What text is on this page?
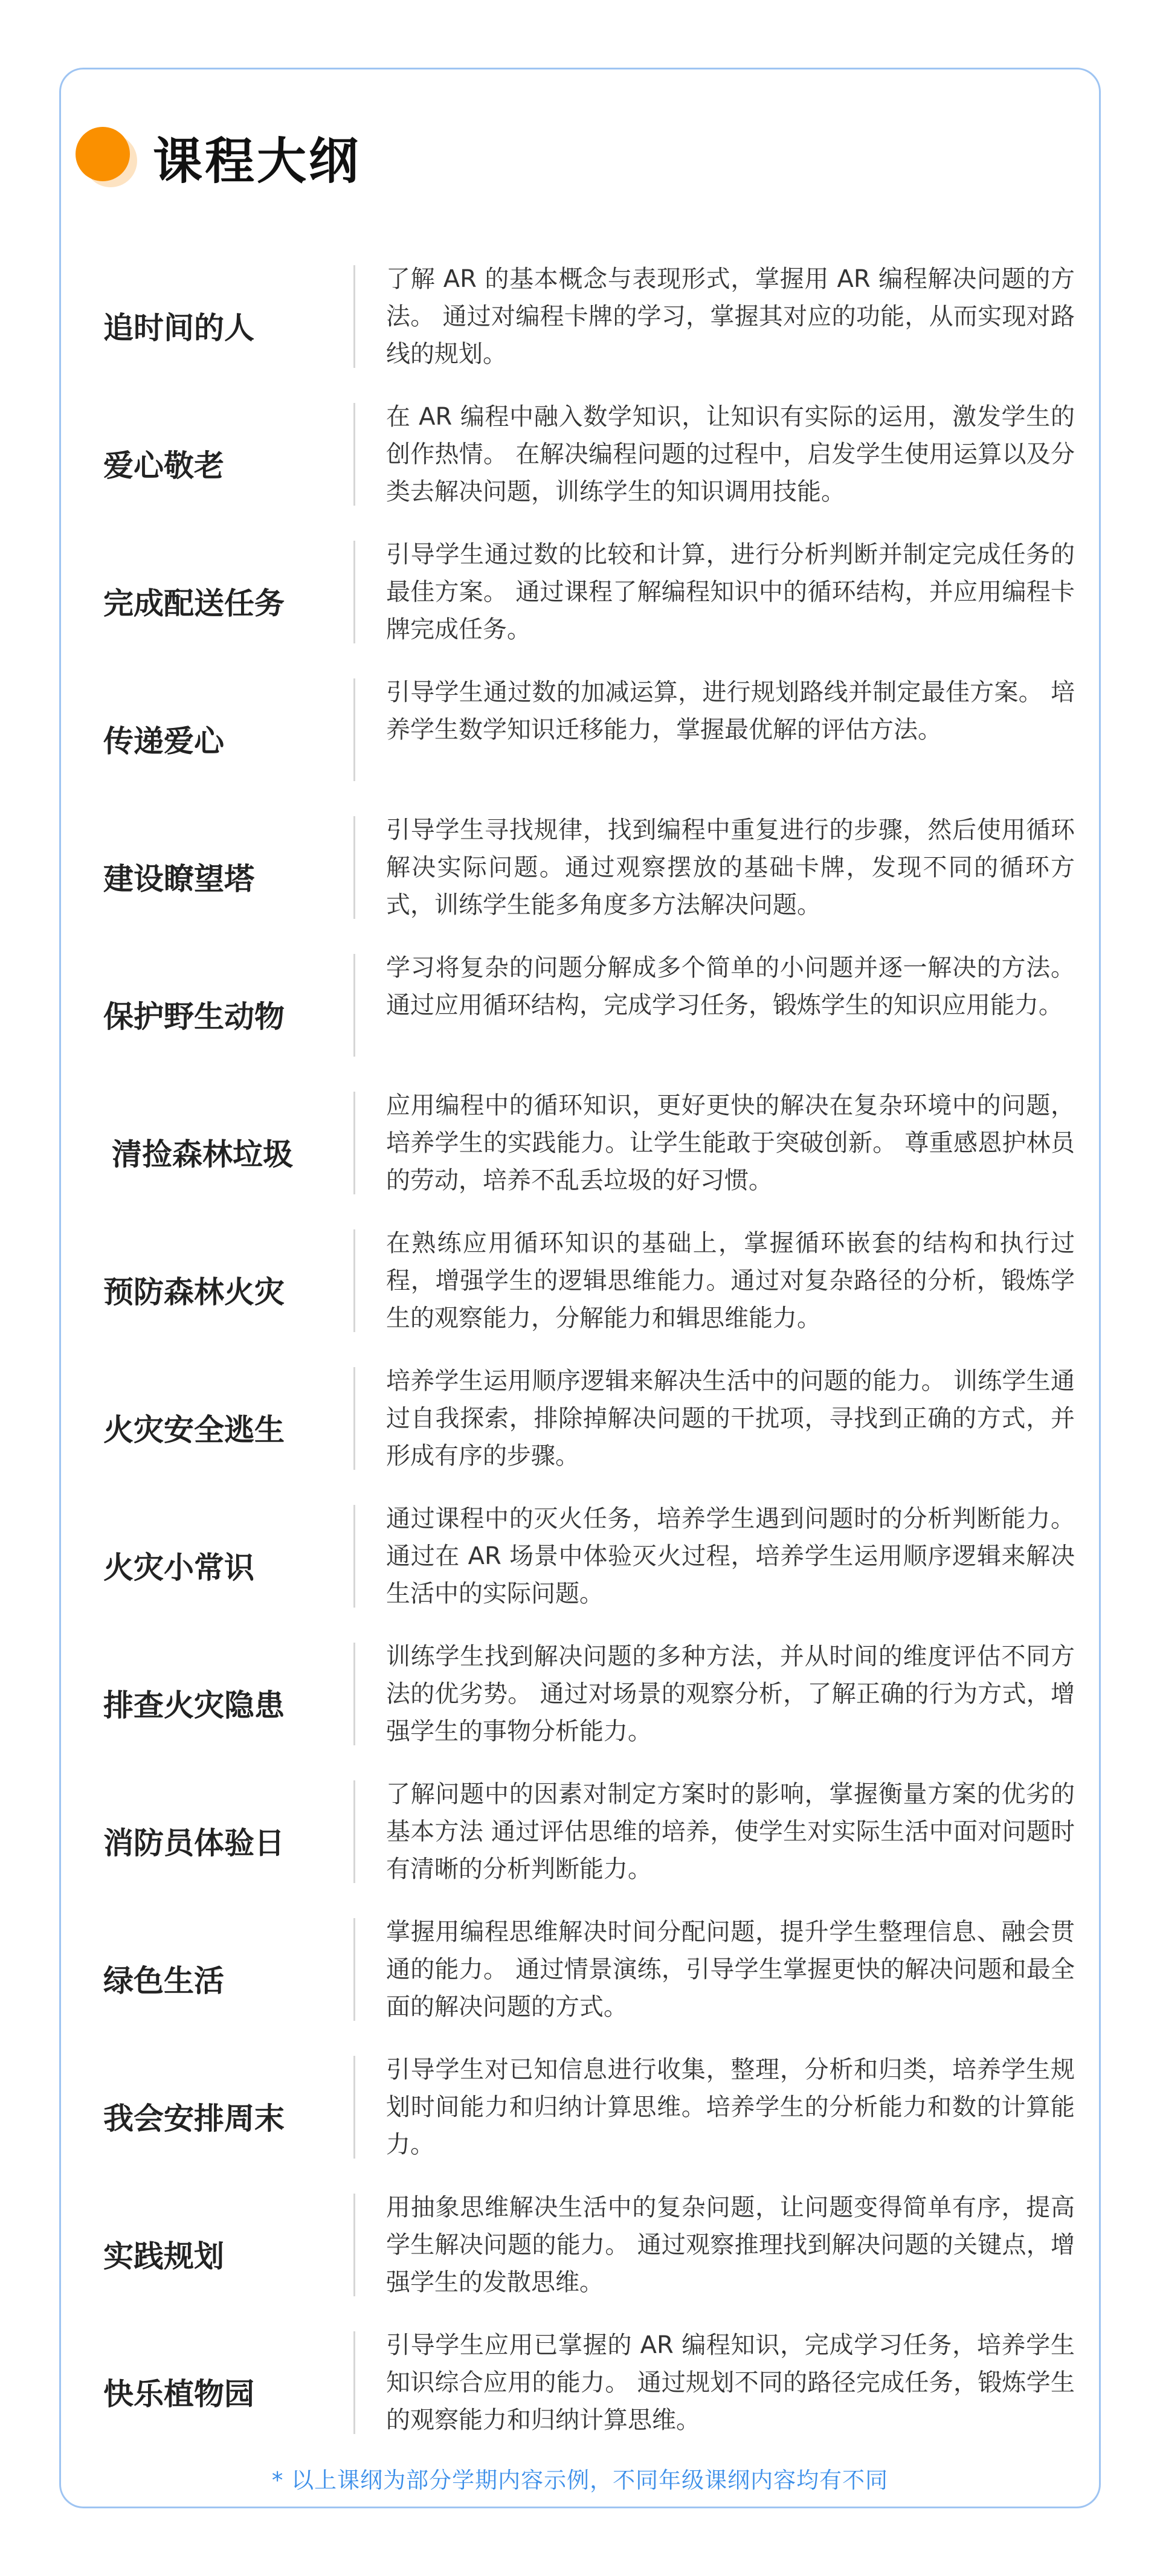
课程大纲
追时间的人
了解 AR 的基本概念与表现形式，掌握用 AR 编程解决问题的方法。 通过对编程卡牌的学习，掌握其对应的功能，从而实现对路线的规划。
爱心敬老
在 AR 编程中融入数学知识，让知识有实际的运用，激发学生的创作热情。 在解决编程问题的过程中，启发学生使用运算以及分类去解决问题，训练学生的知识调用技能。
完成配送任务
引导学生通过数的比较和计算，进行分析判断并制定完成任务的最佳方案。 通过课程了解编程知识中的循环结构，并应用编程卡牌完成任务。
传递爱心
引导学生通过数的加减运算，进行规划路线并制定最佳方案。 培养学生数学知识迁移能力，掌握最优解的评估方法。
建设瞭望塔
引导学生寻找规律，找到编程中重复进行的步骤，然后使用循环解决实际问题。通过观察摆放的基础卡牌，发现不同的循环方式，训练学生能多角度多方法解决问题。
保护野生动物
学习将复杂的问题分解成多个简单的小问题并逐一解决的方法。 通过应用循环结构，完成学习任务，锻炼学生的知识应用能力。
清捡森林垃圾
应用编程中的循环知识，更好更快的解决在复杂环境中的问题，培养学生的实践能力。让学生能敢于突破创新。 尊重感恩护林员的劳动，培养不乱丢垃圾的好习惯。
预防森林火灾
在熟练应用循环知识的基础上，掌握循环嵌套的结构和执行过程，增强学生的逻辑思维能力。通过对复杂路径的分析，锻炼学生的观察能力，分解能力和辑思维能力。
火灾安全逃生
培养学生运用顺序逻辑来解决生活中的问题的能力。 训练学生通过自我探索，排除掉解决问题的干扰项，寻找到正确的方式，并形成有序的步骤。
火灾小常识
通过课程中的灭火任务，培养学生遇到问题时的分析判断能力。通过在 AR 场景中体验灭火过程，培养学生运用顺序逻辑来解决生活中的实际问题。
排查火灾隐患
训练学生找到解决问题的多种方法，并从时间的维度评估不同方法的优劣势。 通过对场景的观察分析，了解正确的行为方式，增强学生的事物分析能力。
消防员体验日
了解问题中的因素对制定方案时的影响，掌握衡量方案的优劣的基本方法 通过评估思维的培养，使学生对实际生活中面对问题时有清晰的分析判断能力。
绿色生活
掌握用编程思维解决时间分配问题，提升学生整理信息、融会贯通的能力。 通过情景演练，引导学生掌握更快的解决问题和最全面的解决问题的方式。
我会安排周末
引导学生对已知信息进行收集，整理，分析和归类，培养学生规划时间能力和归纳计算思维。培养学生的分析能力和数的计算能力。
实践规划
用抽象思维解决生活中的复杂问题，让问题变得简单有序，提高学生解决问题的能力。 通过观察推理找到解决问题的关键点，增强学生的发散思维。
快乐植物园
引导学生应用已掌握的 AR 编程知识，完成学习任务，培养学生知识综合应用的能力。 通过规划不同的路径完成任务，锻炼学生的观察能力和归纳计算思维。
* 以上课纲为部分学期内容示例，不同年级课纲内容均有不同
